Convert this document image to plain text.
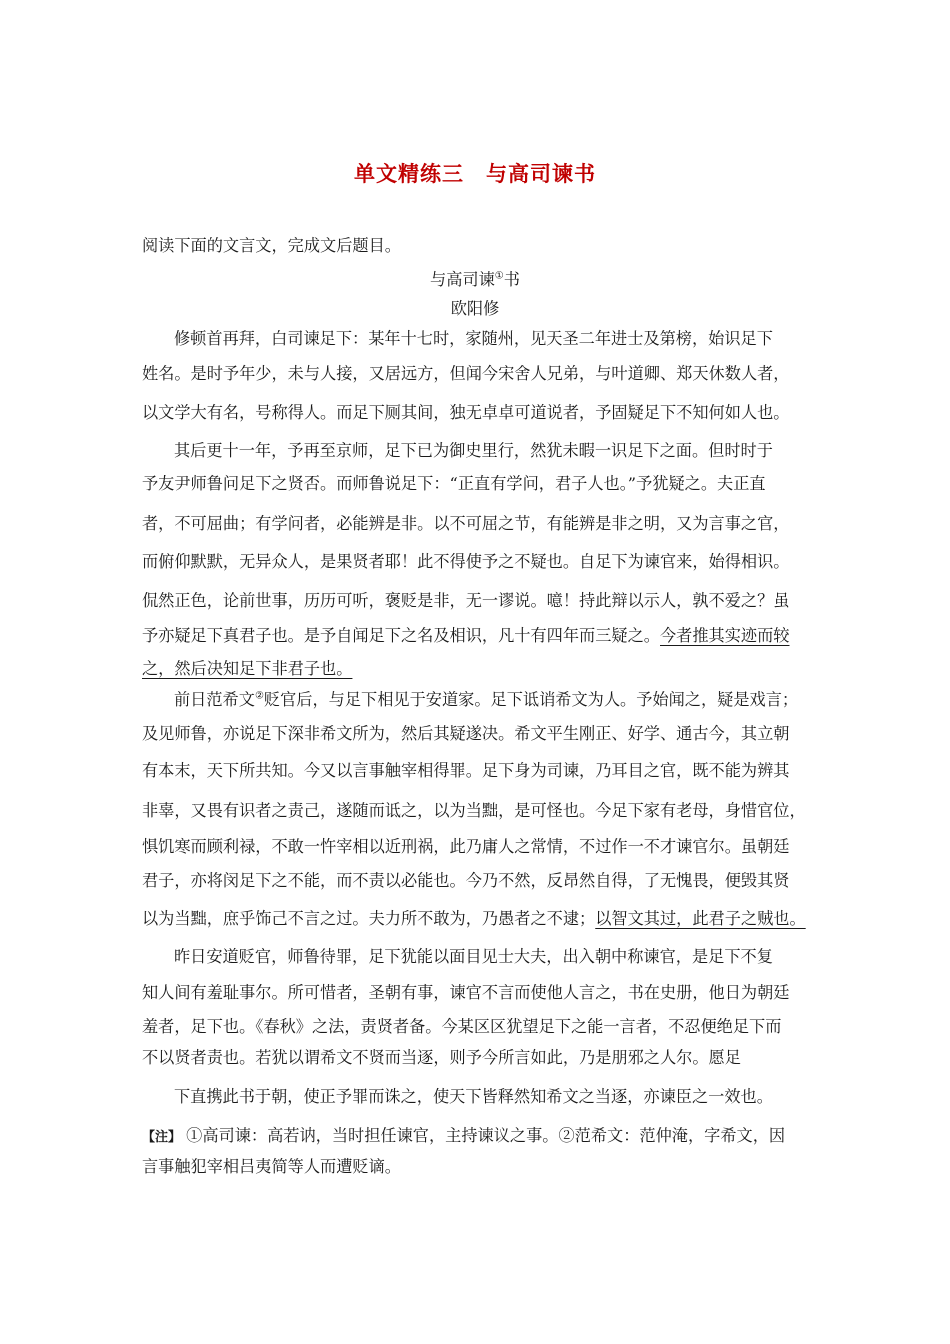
单文精练三　与高司谏书
阅读下面的文言文，完成文后题目。
与高司谏①书
欧阳修
修顿首再拜，白司谏足下：某年十七时，家随州，见天圣二年进士及第榜，始识足下
姓名。是时予年少，未与人接，又居远方，但闻今宋舍人兄弟，与叶道卿、郑天休数人者，
以文学大有名，号称得人。而足下厕其间，独无卓卓可道说者，予固疑足下不知何如人也。
其后更十一年，予再至京师，足下已为御史里行，然犹未暇一识足下之面。但时时于
予友尹师鲁问足下之贤否。而师鲁说足下：“正直有学问，君子人也。”予犹疑之。夫正直
者，不可屈曲；有学问者，必能辨是非。以不可屈之节，有能辨是非之明，又为言事之官，
而俯仰默默，无异众人，是果贤者耶！此不得使予之不疑也。自足下为谏官来，始得相识。
侃然正色，论前世事，历历可听，褒贬是非，无一谬说。噫！持此辩以示人，孰不爱之？虽
予亦疑足下真君子也。是予自闻足下之名及相识，凡十有四年而三疑之。今者推其实迹而较
之，然后决知足下非君子也。
前日范希文②贬官后，与足下相见于安道家。足下诋诮希文为人。予始闻之，疑是戏言；
及见师鲁，亦说足下深非希文所为，然后其疑遂决。希文平生刚正、好学、通古今，其立朝
有本末，天下所共知。今又以言事触宰相得罪。足下身为司谏，乃耳目之官，既不能为辨其
非辜，又畏有识者之责己，遂随而诋之，以为当黜，是可怪也。今足下家有老母，身惜官位，
惧饥寒而顾利禄，不敢一忤宰相以近刑祸，此乃庸人之常情，不过作一不才谏官尔。虽朝廷
君子，亦将闵足下之不能，而不责以必能也。今乃不然，反昂然自得，了无愧畏，便毁其贤
以为当黜，庶乎饰己不言之过。夫力所不敢为，乃愚者之不逮；以智文其过，此君子之贼也。
昨日安道贬官，师鲁待罪，足下犹能以面目见士大夫，出入朝中称谏官，是足下不复
知人间有羞耻事尔。所可惜者，圣朝有事，谏官不言而使他人言之，书在史册，他日为朝廷
羞者，足下也。《春秋》之法，责贤者备。今某区区犹望足下之能一言者，不忍便绝足下而
不以贤者责也。若犹以谓希文不贤而当逐，则予今所言如此，乃是朋邪之人尔。愿足
下直携此书于朝，使正予罪而诛之，使天下皆释然知希文之当逐，亦谏臣之一效也。
【注】 ①高司谏：高若讷，当时担任谏官，主持谏议之事。②范希文：范仲淹，字希文，因
言事触犯宰相吕夷简等人而遭贬谪。
